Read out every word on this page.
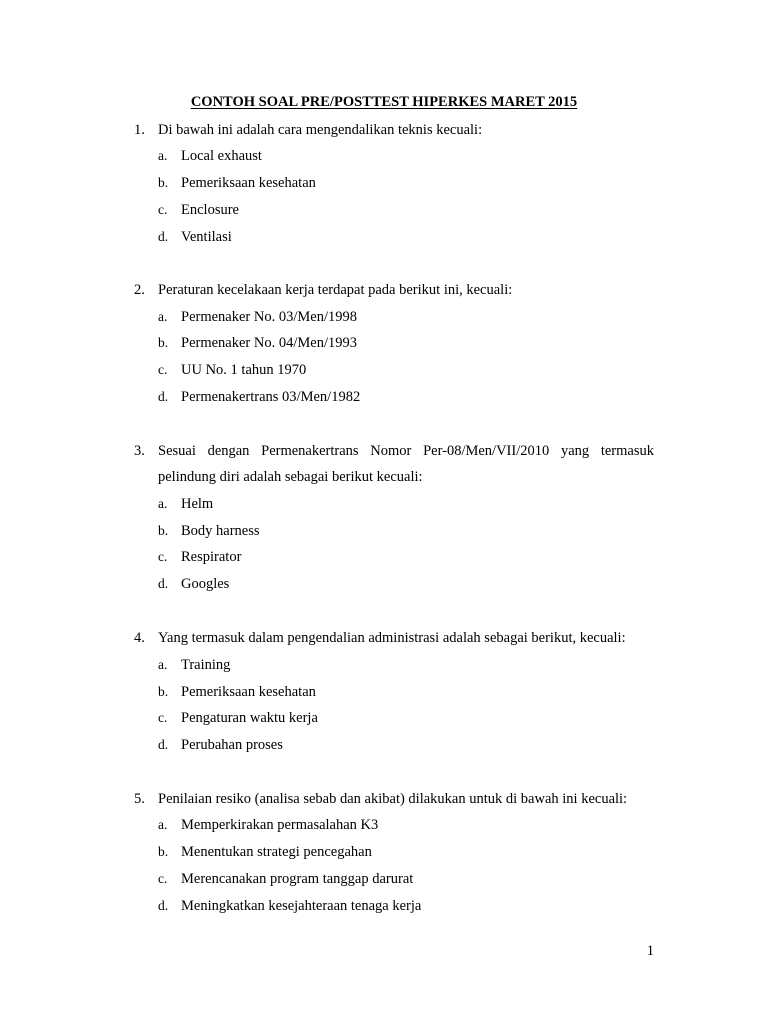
CONTOH SOAL PRE/POSTTEST HIPERKES MARET 2015
1. Di bawah ini adalah cara mengendalikan teknis kecuali:
a. Local exhaust
b. Pemeriksaan kesehatan
c. Enclosure
d. Ventilasi
2. Peraturan kecelakaan kerja terdapat pada berikut ini, kecuali:
a. Permenaker No. 03/Men/1998
b. Permenaker No. 04/Men/1993
c. UU No. 1 tahun 1970
d. Permenakertrans 03/Men/1982
3. Sesuai dengan Permenakertrans Nomor Per-08/Men/VII/2010 yang termasuk
pelindung diri adalah sebagai berikut kecuali:
a. Helm
b. Body harness
c. Respirator
d. Googles
4. Yang termasuk dalam pengendalian administrasi adalah sebagai berikut, kecuali:
a. Training
b. Pemeriksaan kesehatan
c. Pengaturan waktu kerja
d. Perubahan proses
5. Penilaian resiko (analisa sebab dan akibat) dilakukan untuk di bawah ini kecuali:
a. Memperkirakan permasalahan K3
b. Menentukan strategi pencegahan
c. Merencanakan program tanggap darurat
d. Meningkatkan kesejahteraan tenaga kerja
1
